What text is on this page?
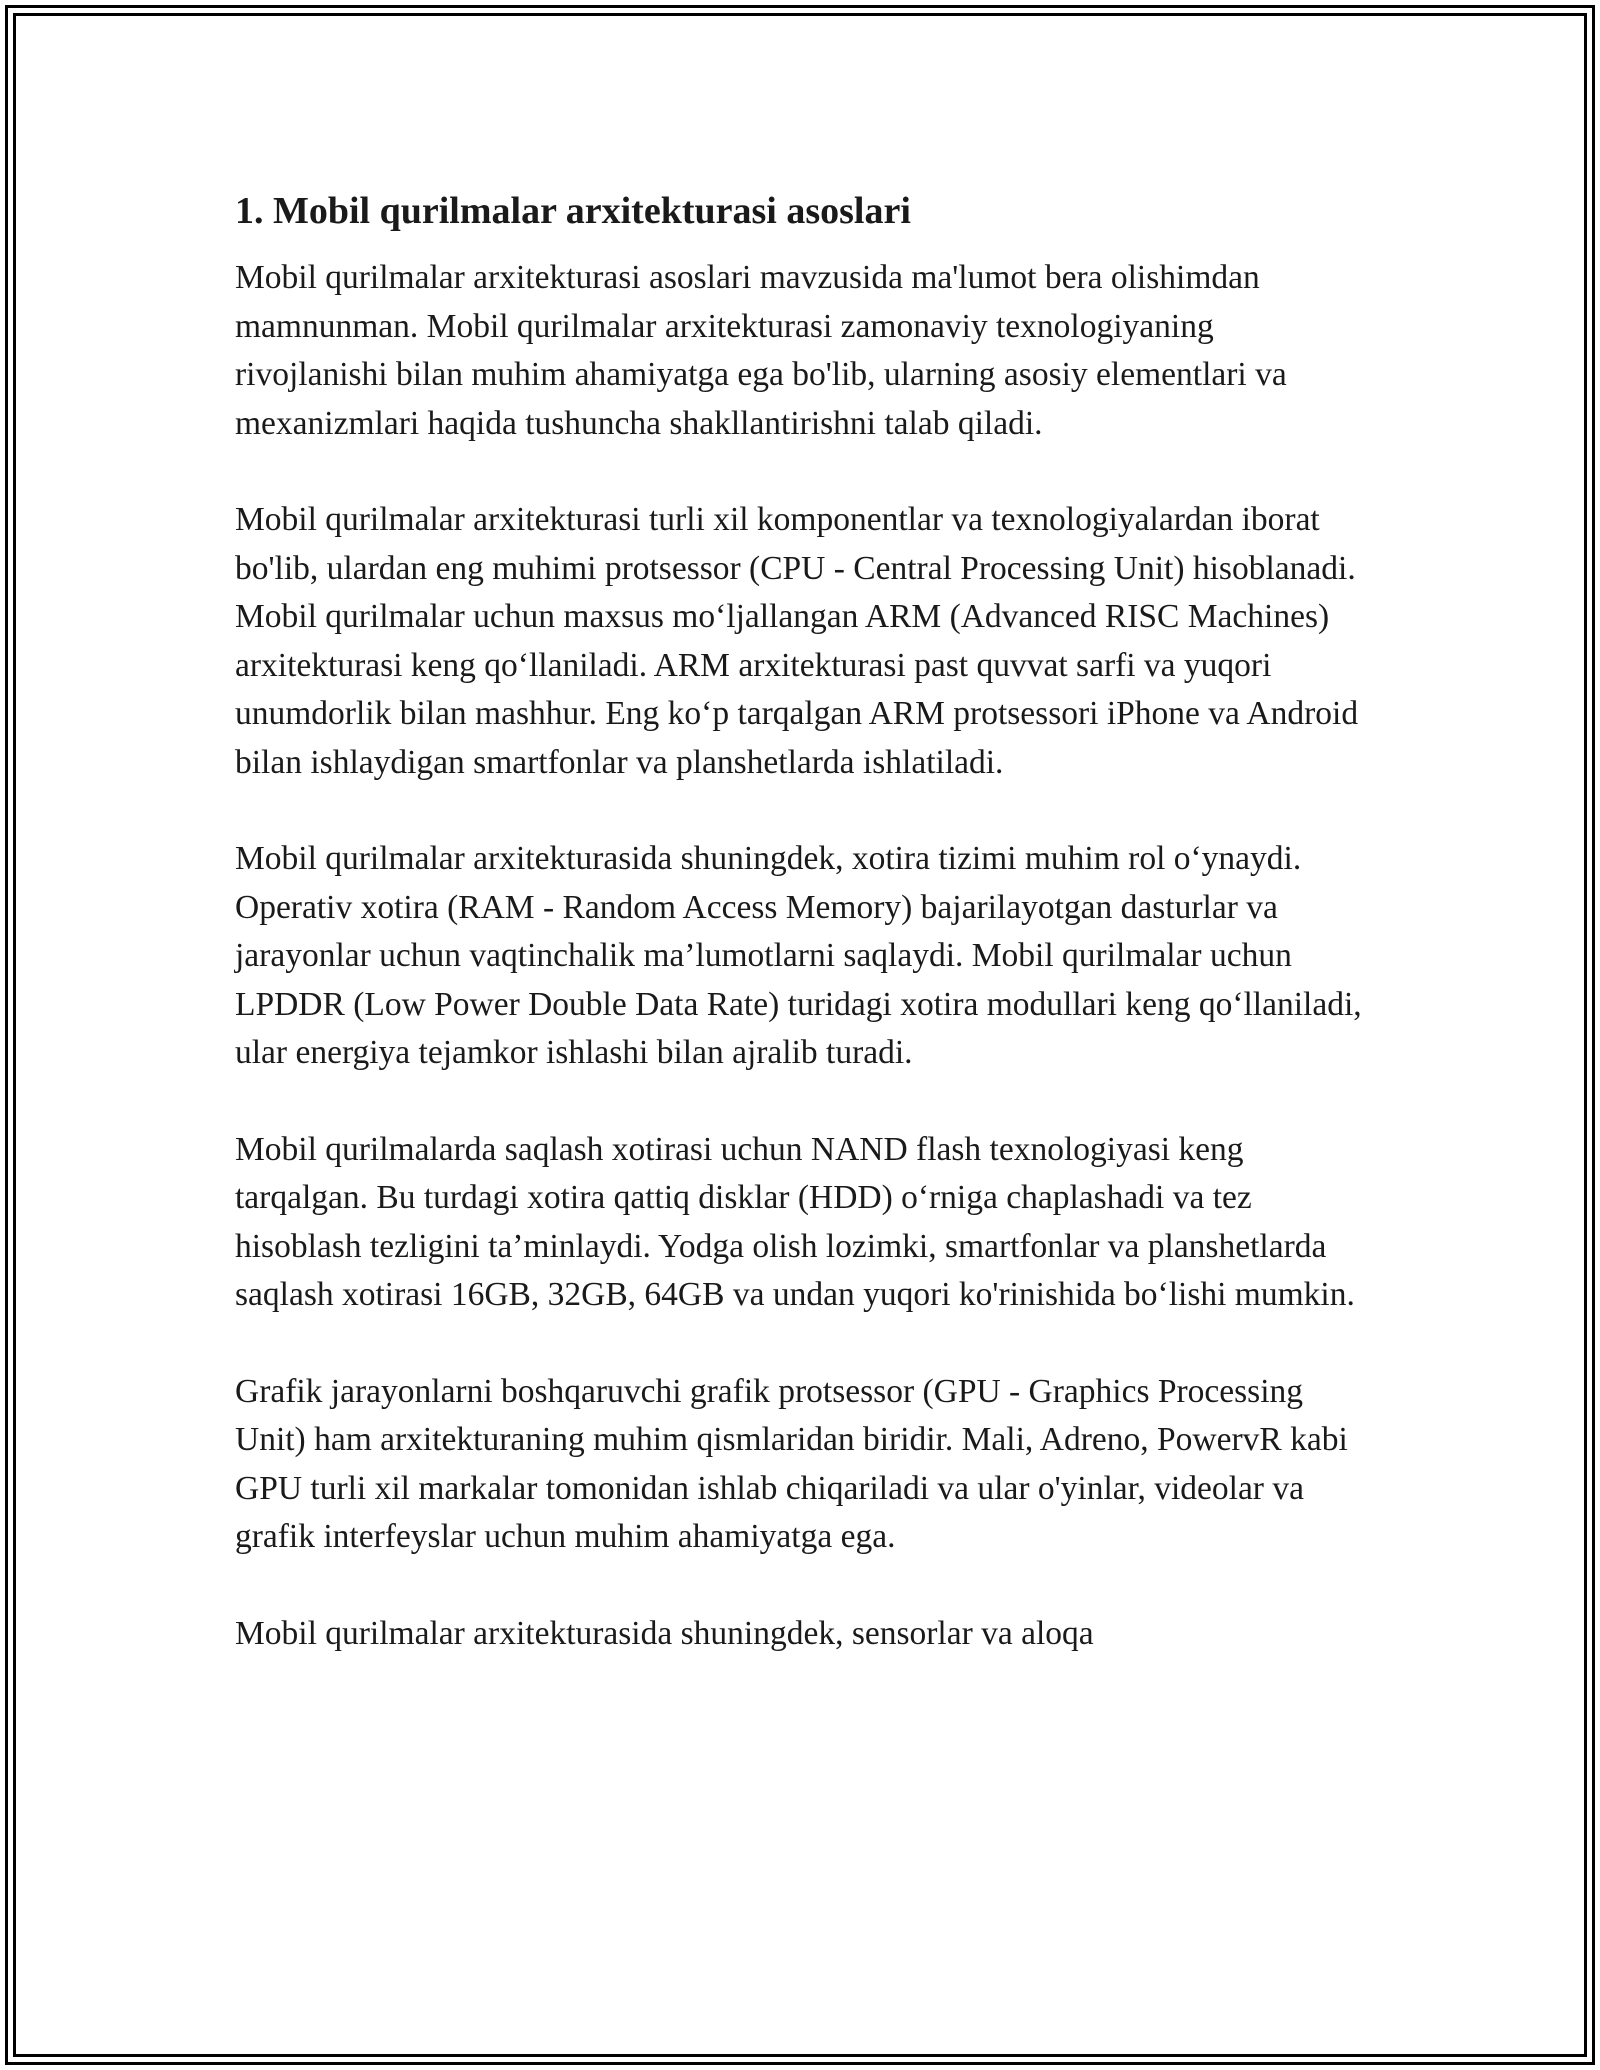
1. Mobil qurilmalar arxitekturasi asoslari

Mobil qurilmalar arxitekturasi asoslari mavzusida ma'lumot bera olishimdan mamnunman. Mobil qurilmalar arxitekturasi zamonaviy texnologiyaning rivojlanishi bilan muhim ahamiyatga ega bo'lib, ularning asosiy elementlari va mexanizmlari haqida tushuncha shakllantirishni talab qiladi.

Mobil qurilmalar arxitekturasi turli xil komponentlar va texnologiyalardan iborat bo'lib, ulardan eng muhimi protsessor (CPU - Central Processing Unit) hisoblanadi. Mobil qurilmalar uchun maxsus moʻljallangan ARM (Advanced RISC Machines) arxitekturasi keng qoʻllaniladi. ARM arxitekturasi past quvvat sarfi va yuqori unumdorlik bilan mashhur. Eng koʻp tarqalgan ARM protsessori iPhone va Android bilan ishlaydigan smartfonlar va planshetlarda ishlatiladi.

Mobil qurilmalar arxitekturasida shuningdek, xotira tizimi muhim rol oʻynaydi. Operativ xotira (RAM - Random Access Memory) bajarilayotgan dasturlar va jarayonlar uchun vaqtinchalik ma’lumotlarni saqlaydi. Mobil qurilmalar uchun LPDDR (Low Power Double Data Rate) turidagi xotira modullari keng qoʻllaniladi, ular energiya tejamkor ishlashi bilan ajralib turadi.

Mobil qurilmalarda saqlash xotirasi uchun NAND flash texnologiyasi keng tarqalgan. Bu turdagi xotira qattiq disklar (HDD) oʻrniga chaplashadi va tez hisoblash tezligini ta’minlaydi. Yodga olish lozimki, smartfonlar va planshetlarda saqlash xotirasi 16GB, 32GB, 64GB va undan yuqori ko'rinishida boʻlishi mumkin.

Grafik jarayonlarni boshqaruvchi grafik protsessor (GPU - Graphics Processing Unit) ham arxitekturaning muhim qismlaridan biridir. Mali, Adreno, PowervR kabi GPU turli xil markalar tomonidan ishlab chiqariladi va ular o'yinlar, videolar va grafik interfeyslar uchun muhim ahamiyatga ega.

Mobil qurilmalar arxitekturasida shuningdek, sensorlar va aloqa
